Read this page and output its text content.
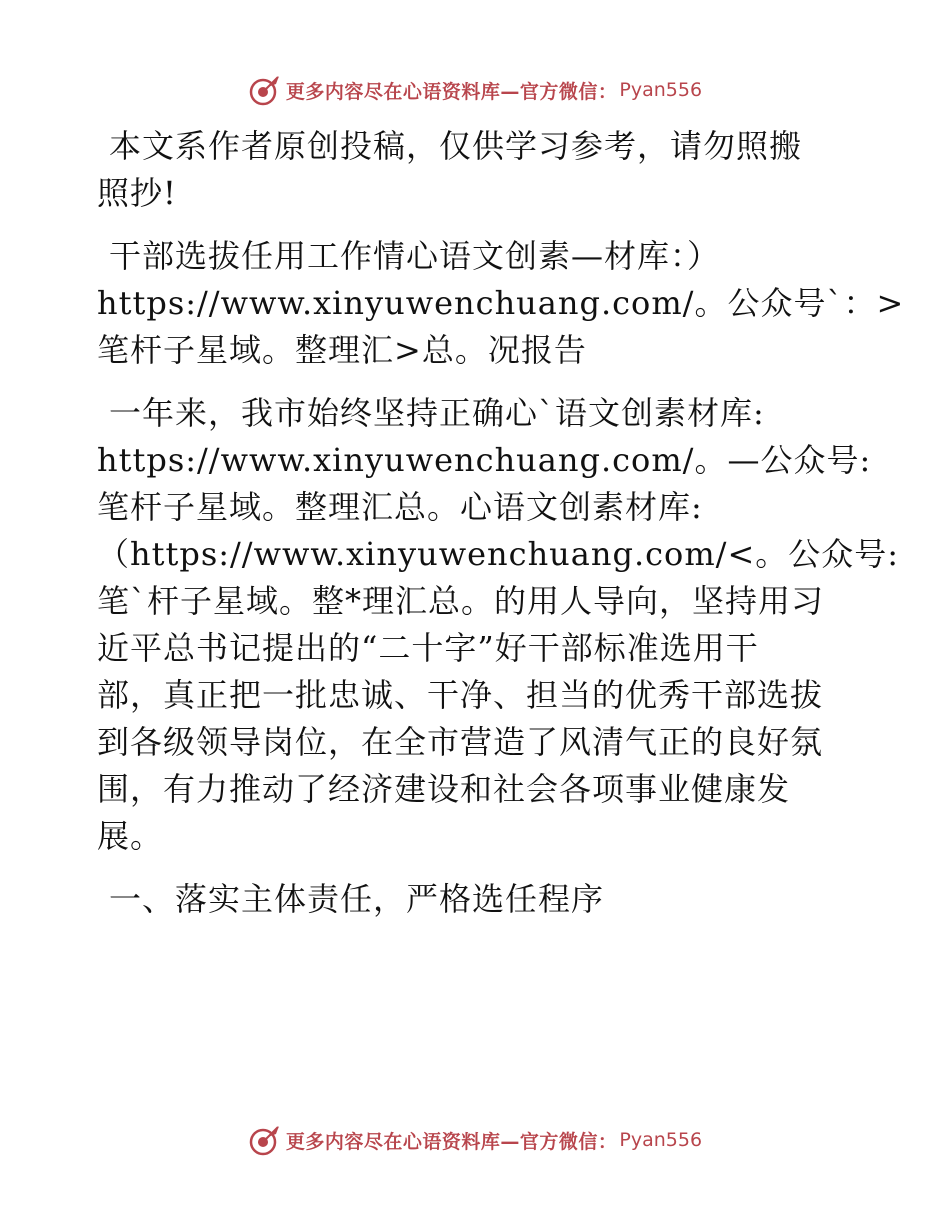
更多内容尽在心语资料库—官方微信： Pyan556

本文系作者原创投稿，仅供学习参考，请勿照搬
照抄!

干部选拔任用工作情心语文创素—材库：）
https://www.xinyuwenchuang.com/。公众号`：>
笔杆子星域。整理汇>总。况报告

一年来，我市始终坚持正确心`语文创素材库:
https://www.xinyuwenchuang.com/。—公众号:
笔杆子星域。整理汇总。心语文创素材库:
（https://www.xinyuwenchuang.com/<。公众号:
笔`杆子星域。整*理汇总。的用人导向，坚持用习
近平总书记提出的“二十字”好干部标准选用干
部，真正把一批忠诚、干净、担当的优秀干部选拔
到各级领导岗位，在全市营造了风清气正的良好氛
围，有力推动了经济建设和社会各项事业健康发
展。

一、落实主体责任，严格选任程序

更多内容尽在心语资料库—官方微信： Pyan556
